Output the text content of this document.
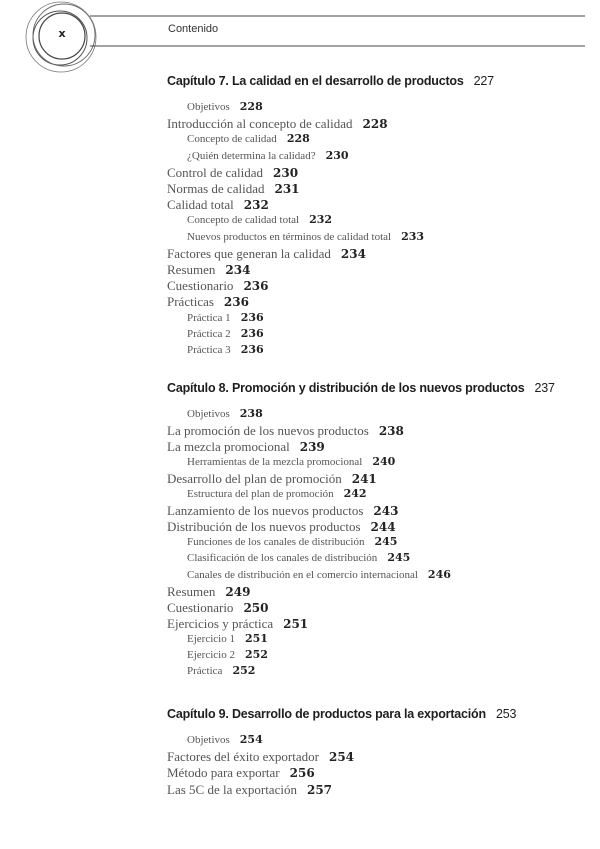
x	Contenido
Capítulo 7. La calidad en el desarrollo de productos 227
Objetivos 228
Introducción al concepto de calidad 228
Concepto de calidad 228
¿Quién determina la calidad? 230
Control de calidad 230
Normas de calidad 231
Calidad total 232
Concepto de calidad total 232
Nuevos productos en términos de calidad total 233
Factores que generan la calidad 234
Resumen 234
Cuestionario 236
Prácticas 236
Práctica 1 236
Práctica 2 236
Práctica 3 236
Capítulo 8. Promoción y distribución de los nuevos productos 237
Objetivos 238
La promoción de los nuevos productos 238
La mezcla promocional 239
Herramientas de la mezcla promocional 240
Desarrollo del plan de promoción 241
Estructura del plan de promoción 242
Lanzamiento de los nuevos productos 243
Distribución de los nuevos productos 244
Funciones de los canales de distribución 245
Clasificación de los canales de distribución 245
Canales de distribución en el comercio internacional 246
Resumen 249
Cuestionario 250
Ejercicios y práctica 251
Ejercicio 1 251
Ejercicio 2 252
Práctica 252
Capítulo 9. Desarrollo de productos para la exportación 253
Objetivos 254
Factores del éxito exportador 254
Método para exportar 256
Las 5C de la exportación 257
